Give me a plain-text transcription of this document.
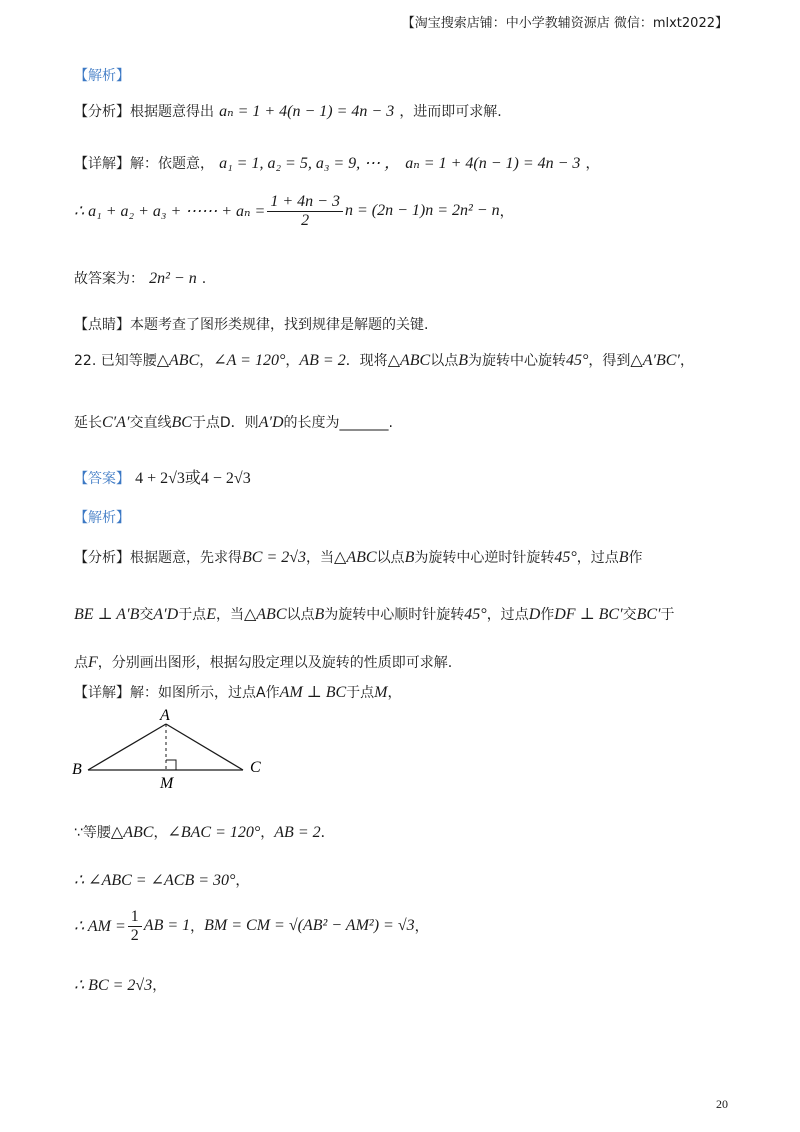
【淘宝搜索店铺：中小学教辅资源店 微信：mlxt2022】
【解析】
【分析】根据题意得出 aₙ = 1 + 4(n − 1) = 4n − 3 ，进而即可求解.
【详解】解：依题意， a₁ = 1, a₂ = 5, a₃ = 9, ⋯ ， aₙ = 1 + 4(n − 1) = 4n − 3 ，
∴ a₁ + a₂ + a₃ + ⋯⋯ + $a_n = \frac{1 + 4n - 3}{2}$ n = (2n − 1)n = 2n² − n ，
故答案为： 2n² − n .
【点睛】本题考查了图形类规律，找到规律是解题的关键.
22. 已知等腰△ABC，∠A = 120°，AB = 2．现将△ABC以点B为旋转中心旋转45°，得到△A′BC′，
延长C′A′交直线BC于点D．则A′D的长度为_______.
【答案】 4 + 2√3或4 − 2√3
【解析】
【分析】根据题意，先求得BC = 2√3，当△ABC以点B为旋转中心逆时针旋转45°，过点B作
BE ⊥ A′B交A′D于点E，当△ABC以点B为旋转中心顺时针旋转45°，过点D作DF ⊥ BC′交BC′于
点F，分别画出图形，根据勾股定理以及旋转的性质即可求解.
【详解】解：如图所示，过点A作AM ⊥ BC于点M，
A
B	C
M
∵等腰△ABC，∠BAC = 120°，AB = 2．
∴ ∠ABC = ∠ACB = 30°，
∴ AM = $\frac{1}{2}$ AB = 1 ， BM = CM = √(AB² − AM²) = √3 ，
∴ BC = 2√3，
20
